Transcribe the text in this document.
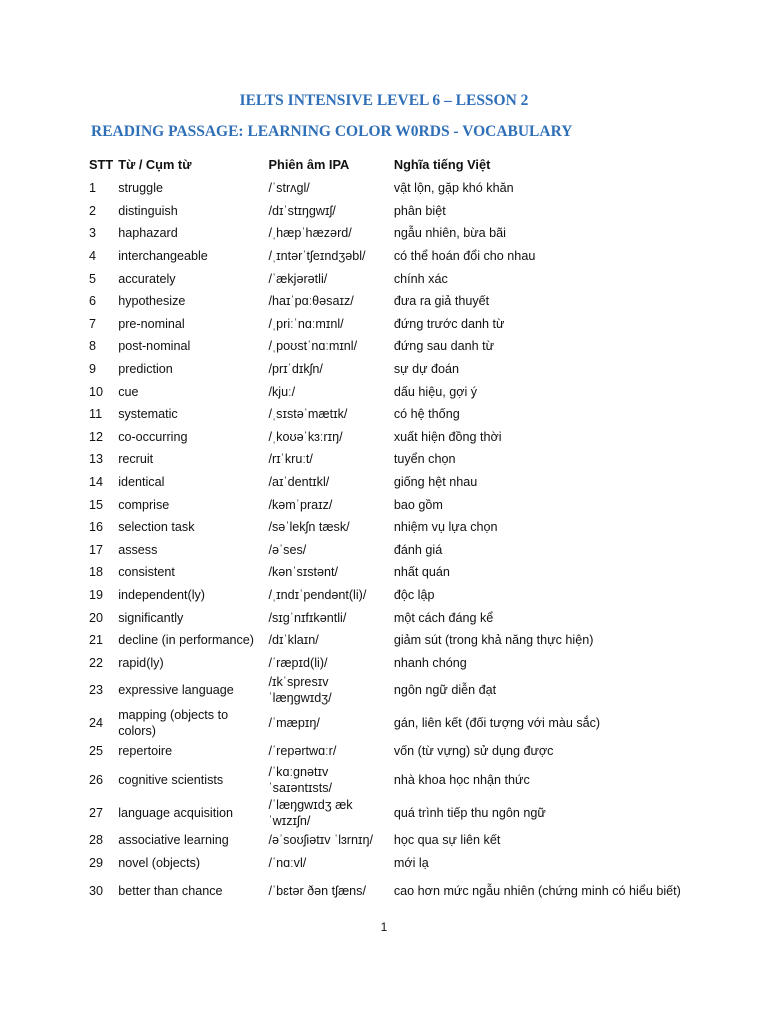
IELTS INTENSIVE LEVEL 6 – LESSON 2
READING PASSAGE: LEARNING COLOR W0RDS - VOCABULARY
STT	Từ / Cụm từ	Phiên âm IPA	Nghĩa tiếng Việt
1	struggle	/ˈstrʌgl/	vật lộn, gặp khó khăn
2	distinguish	/dɪˈstɪŋgwɪʃ/	phân biệt
3	haphazard	/ˌhæpˈhæzərd/	ngẫu nhiên, bừa bãi
4	interchangeable	/ˌɪntərˈtʃeɪndʒəbl/	có thể hoán đổi cho nhau
5	accurately	/ˈækjərətli/	chính xác
6	hypothesize	/haɪˈpɑːθəsaɪz/	đưa ra giả thuyết
7	pre-nominal	/ˌpriːˈnɑːmɪnl/	đứng trước danh từ
8	post-nominal	/ˌpoʊstˈnɑːmɪnl/	đứng sau danh từ
9	prediction	/prɪˈdɪkʃn/	sự dự đoán
10	cue	/kjuː/	dấu hiệu, gợi ý
11	systematic	/ˌsɪstəˈmætɪk/	có hệ thống
12	co-occurring	/ˌkoʊəˈkɜːrɪŋ/	xuất hiện đồng thời
13	recruit	/rɪˈkruːt/	tuyển chọn
14	identical	/aɪˈdentɪkl/	giống hệt nhau
15	comprise	/kəmˈpraɪz/	bao gồm
16	selection task	/səˈlekʃn tæsk/	nhiệm vụ lựa chọn
17	assess	/əˈses/	đánh giá
18	consistent	/kənˈsɪstənt/	nhất quán
19	independent(ly)	/ˌɪndɪˈpendənt(li)/	độc lập
20	significantly	/sɪgˈnɪfɪkəntli/	một cách đáng kể
21	decline (in performance)	/dɪˈklaɪn/	giảm sút (trong khả năng thực hiện)
22	rapid(ly)	/ˈræpɪd(li)/	nhanh chóng
23	expressive language	/ɪkˈspresɪv ˈlæŋgwɪdʒ/	ngôn ngữ diễn đạt
24	mapping (objects to colors)	/ˈmæpɪŋ/	gán, liên kết (đối tượng với màu sắc)
25	repertoire	/ˈrepərtwɑːr/	vốn (từ vựng) sử dụng được
26	cognitive scientists	/ˈkɑːgnətɪv ˈsaɪəntɪsts/	nhà khoa học nhận thức
27	language acquisition	/ˈlæŋgwɪdʒ ækˈwɪzɪʃn/	quá trình tiếp thu ngôn ngữ
28	associative learning	/əˈsoʊʃiətɪv ˈlɜrnɪŋ/	học qua sự liên kết
29	novel (objects)	/ˈnɑːvl/	mới lạ
30	better than chance	/ˈbɛtər ðən tʃæns/	cao hơn mức ngẫu nhiên (chứng minh có hiểu biết)
1
